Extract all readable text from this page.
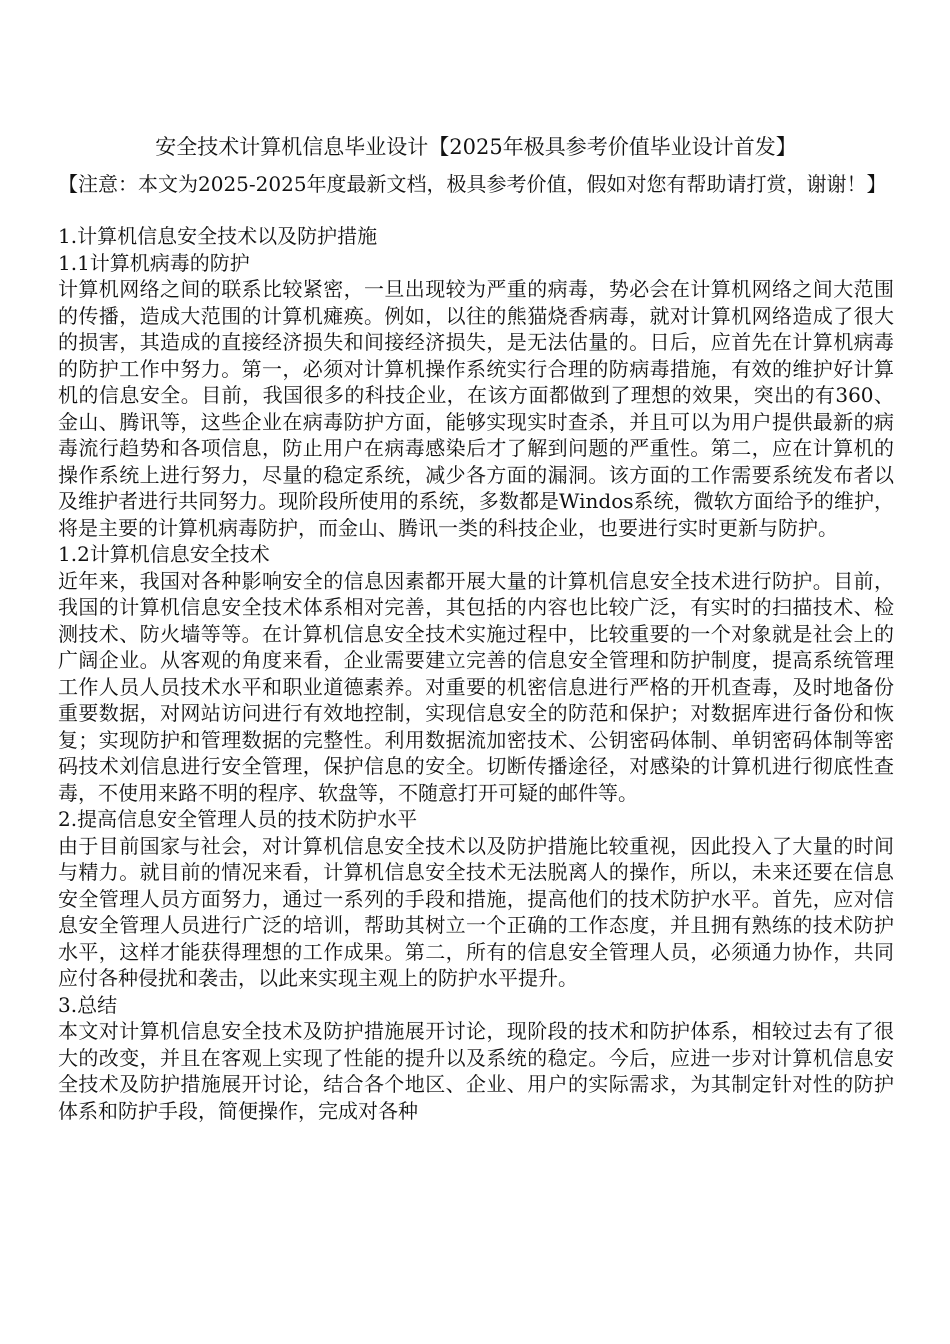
安全技术计算机信息毕业设计【2025年极具参考价值毕业设计首发】

【注意：本文为2025-2025年度最新文档，极具参考价值，假如对您有帮助请打赏，谢谢！】

1.计算机信息安全技术以及防护措施

1.1计算机病毒的防护

计算机网络之间的联系比较紧密，一旦出现较为严重的病毒，势必会在计算机网络之间大范围的传播，造成大范围的计算机瘫痪。例如，以往的熊猫烧香病毒，就对计算机网络造成了很大的损害，其造成的直接经济损失和间接经济损失，是无法估量的。日后，应首先在计算机病毒的防护工作中努力。第一，必须对计算机操作系统实行合理的防病毒措施，有效的维护好计算机的信息安全。目前，我国很多的科技企业，在该方面都做到了理想的效果，突出的有360、金山、腾讯等，这些企业在病毒防护方面，能够实现实时查杀，并且可以为用户提供最新的病毒流行趋势和各项信息，防止用户在病毒感染后才了解到问题的严重性。第二，应在计算机的操作系统上进行努力，尽量的稳定系统，减少各方面的漏洞。该方面的工作需要系统发布者以及维护者进行共同努力。现阶段所使用的系统，多数都是Windos系统，微软方面给予的维护，将是主要的计算机病毒防护，而金山、腾讯一类的科技企业，也要进行实时更新与防护。

1.2计算机信息安全技术

近年来，我国对各种影响安全的信息因素都开展大量的计算机信息安全技术进行防护。目前，我国的计算机信息安全技术体系相对完善，其包括的内容也比较广泛，有实时的扫描技术、检测技术、防火墙等等。在计算机信息安全技术实施过程中，比较重要的一个对象就是社会上的广阔企业。从客观的角度来看，企业需要建立完善的信息安全管理和防护制度，提高系统管理工作人员人员技术水平和职业道德素养。对重要的机密信息进行严格的开机查毒，及时地备份重要数据，对网站访问进行有效地控制，实现信息安全的防范和保护；对数据库进行备份和恢复；实现防护和管理数据的完整性。利用数据流加密技术、公钥密码体制、单钥密码体制等密码技术刘信息进行安全管理，保护信息的安全。切断传播途径，对感染的计算机进行彻底性查毒，不使用来路不明的程序、软盘等，不随意打开可疑的邮件等。

2.提高信息安全管理人员的技术防护水平

由于目前国家与社会，对计算机信息安全技术以及防护措施比较重视，因此投入了大量的时间与精力。就目前的情况来看，计算机信息安全技术无法脱离人的操作，所以，未来还要在信息安全管理人员方面努力，通过一系列的手段和措施，提高他们的技术防护水平。首先，应对信息安全管理人员进行广泛的培训，帮助其树立一个正确的工作态度，并且拥有熟练的技术防护水平，这样才能获得理想的工作成果。第二，所有的信息安全管理人员，必须通力协作，共同应付各种侵扰和袭击，以此来实现主观上的防护水平提升。

3.总结

本文对计算机信息安全技术及防护措施展开讨论，现阶段的技术和防护体系，相较过去有了很大的改变，并且在客观上实现了性能的提升以及系统的稳定。今后，应进一步对计算机信息安全技术及防护措施展开讨论，结合各个地区、企业、用户的实际需求，为其制定针对性的防护体系和防护手段，简便操作，完成对各种
